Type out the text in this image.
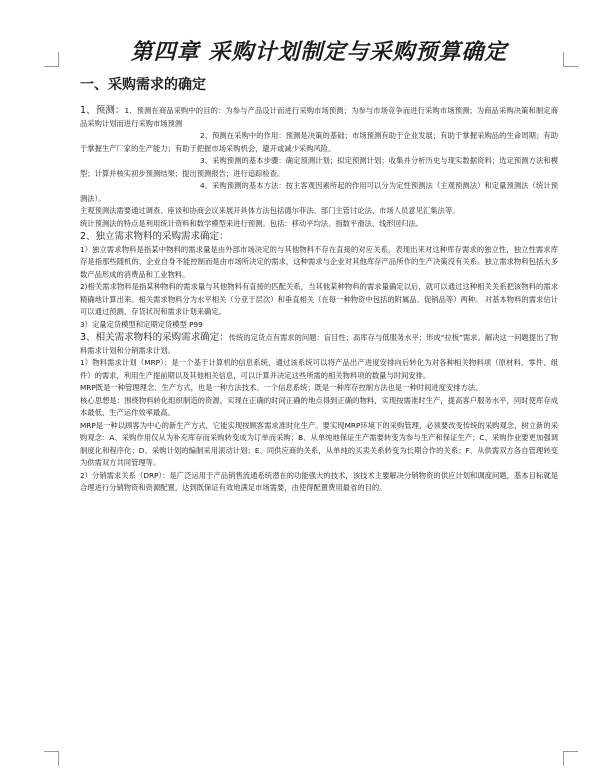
第四章 采购计划制定与采购预算确定
一、采购需求的确定

1、预测：1、预测在商品采购中的目的：为参与产品设计而进行采购市场预测；为参与市场竞争而进行采购市场预测；为商品采购决策和制定商品采购计划而进行采购市场预测

2、预测在采购中的作用：预测是决策的基础；市场预测有助于企业发展；有助于掌握采购品的生命周期；有助于掌握生产厂家的生产能力；有助于把握市场采购机会，避开或减少采购风险。

3、采购预测的基本步骤：确定预测计划；拟定预测计划；收集并分析历史与现实数据资料；选定预测方法和模型；计算并核实初步预测结果；提出预测报告；进行追踪检查。

4、采购预测的基本方法：按主客观因素所起的作用可以分为定性预测法（主观预测法）和定量预测法（统计预测法）。

主观预测法需要通过调查、座谈和协商会议来展开具体方法包括德尔菲法、部门主管讨论法、市场人员意见汇集法等。

统计预测法的特点是利用统计资料和数学模型来进行预测。包括：移动平均法、指数平滑法、线形回归法。

2、独立需求物料的采购需求确定：

1）独立需求物料是指某中物料的需求量是由外部市场决定的与其他物料不存在直接的对应关系，表现出来对这种库存需求的独立性，独立性需求库存是指那些随机的、企业自身不能控制而是由市场所决定的需求，这种需求与企业对其他库存产品所作的生产决策没有关系。独立需求物料包括大多数产品形成的消费品和工业物料。

2)相关需求物料是指某种物料的需求量与其他物料有直接的匹配关系，当其他某种物料的需求量确定以后，就可以通过这种相关关系把该物料的需求精确地计算出来。相关需求物料分为水平相关（分亚于层次）和垂直相关（在每一种物资中包括的附属品、促销品等）两种。 对基本物料的需求估计可以通过预测、存货状况和需求计划来确定。

3）定量定货模型和定期定货模型 P99

3、相关需求物料的采购需求确定：传统的定货点有需求的问题：盲目性；高库存与低服务水平；形成“拉板”需求。解决这一问题提出了物料需求计划和分销需求计划。

1）物料需求计划（MRP）：是一个基于计算机的信息系统，通过该系统可以将产品出产进度安排向后转化为对各种相关物料项（原材料、零件、组件）的需求，利用生产提前期以及其他相关信息，可以计算并决定这些所需的相关物料项的数量与时间安排。

MRP既是一种管理理念、生产方式，也是一种方法技术、一个信息系统；既是一种库存控制方法也是一种时间进度安排方法。

核心思想是：围绕物料转化组织制造的资源，实现在正确的时间正确的地点得到正确的物料，实现按需准时生产，提高客户服务水平，同时使库存成本最低、生产运作效率最高。

MRP是一种以顾客为中心的新生产方式，它能实现按顾客需求准时化生产。要实现MRP环境下的采购管理，必须要改变传统的采购观念，树立新的采购观念：A、采购作用仅从为补充库存而采购转变成为订单而采购；B、从单纯地保证生产需要转变为参与生产和保证生产；C、采购作业要更加强调制度化和程序化；D、采购计划的编制采用滚动计划；E、同供应商的关系，从单纯的买卖关系转变为长期合作的关系；F、从供需双方各自管理转变为供需双方共同管理等。

2）分销需求关系（DRP）：是广泛运用于产品销售流通系统潜在的功能强大的技术，该技术主要解决分销物资的供应计划和调度问题，基本目标就是合理进行分销物资和资源配置，达到既保证有效地满足市场需要，由使得配置费用最省的目的。
